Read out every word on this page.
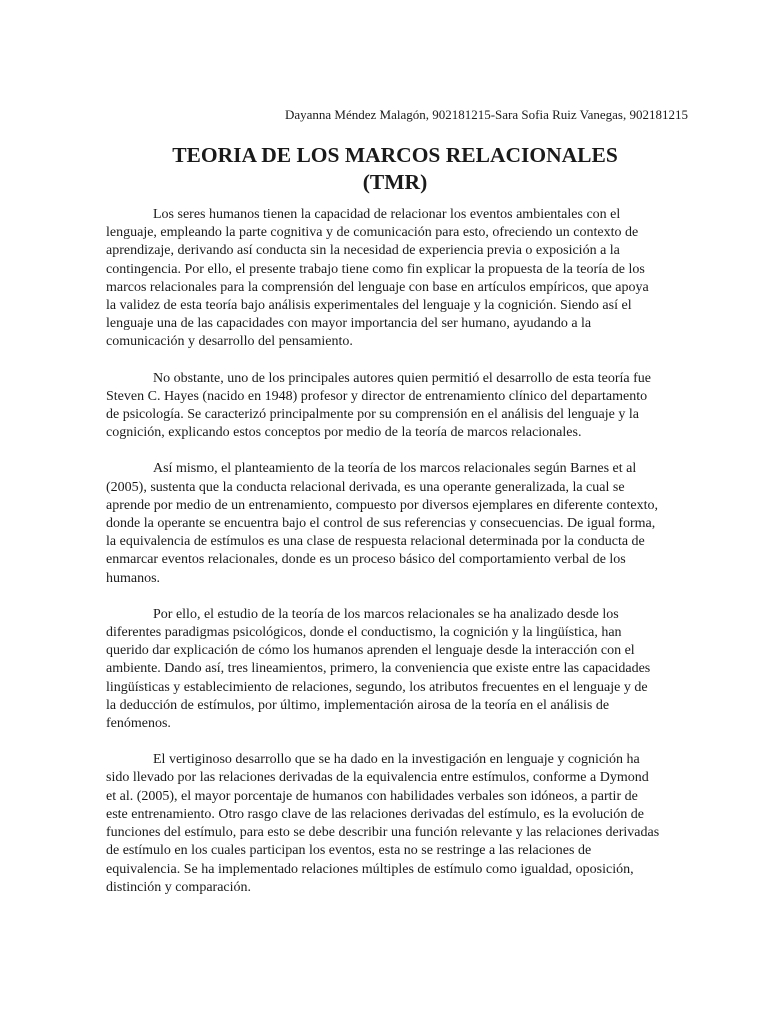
Dayanna Méndez Malagón, 902181215-Sara Sofia Ruiz Vanegas, 902181215
TEORIA DE LOS MARCOS RELACIONALES (TMR)

Los seres humanos tienen la capacidad de relacionar los eventos ambientales con el lenguaje, empleando la parte cognitiva y de comunicación para esto, ofreciendo un contexto de aprendizaje, derivando así conducta sin la necesidad de experiencia previa o exposición a la contingencia. Por ello, el presente trabajo tiene como fin explicar la propuesta de la teoría de los marcos relacionales para la comprensión del lenguaje con base en artículos empíricos, que apoya la validez de esta teoría bajo análisis experimentales del lenguaje y la cognición. Siendo así el lenguaje una de las capacidades con mayor importancia del ser humano, ayudando a la comunicación y desarrollo del pensamiento.

No obstante, uno de los principales autores quien permitió el desarrollo de esta teoría fue Steven C. Hayes (nacido en 1948) profesor y director de entrenamiento clínico del departamento de psicología. Se caracterizó principalmente por su comprensión en el análisis del lenguaje y la cognición, explicando estos conceptos por medio de la teoría de marcos relacionales.

Así mismo, el planteamiento de la teoría de los marcos relacionales según Barnes et al (2005), sustenta que la conducta relacional derivada, es una operante generalizada, la cual se aprende por medio de un entrenamiento, compuesto por diversos ejemplares en diferente contexto, donde la operante se encuentra bajo el control de sus referencias y consecuencias. De igual forma, la equivalencia de estímulos es una clase de respuesta relacional determinada por la conducta de enmarcar eventos relacionales, donde es un proceso básico del comportamiento verbal de los humanos.

Por ello, el estudio de la teoría de los marcos relacionales se ha analizado desde los diferentes paradigmas psicológicos, donde el conductismo, la cognición y la lingüística, han querido dar explicación de cómo los humanos aprenden el lenguaje desde la interacción con el ambiente. Dando así, tres lineamientos, primero, la conveniencia que existe entre las capacidades lingüísticas y establecimiento de relaciones, segundo, los atributos frecuentes en el lenguaje y de la deducción de estímulos, por último, implementación airosa de la teoría en el análisis de fenómenos.

El vertiginoso desarrollo que se ha dado en la investigación en lenguaje y cognición ha sido llevado por las relaciones derivadas de la equivalencia entre estímulos, conforme a Dymond et al. (2005), el mayor porcentaje de humanos con habilidades verbales son idóneos, a partir de este entrenamiento. Otro rasgo clave de las relaciones derivadas del estímulo, es la evolución de funciones del estímulo, para esto se debe describir una función relevante y las relaciones derivadas de estímulo en los cuales participan los eventos, esta no se restringe a las relaciones de equivalencia. Se ha implementado relaciones múltiples de estímulo como igualdad, oposición, distinción y comparación.
